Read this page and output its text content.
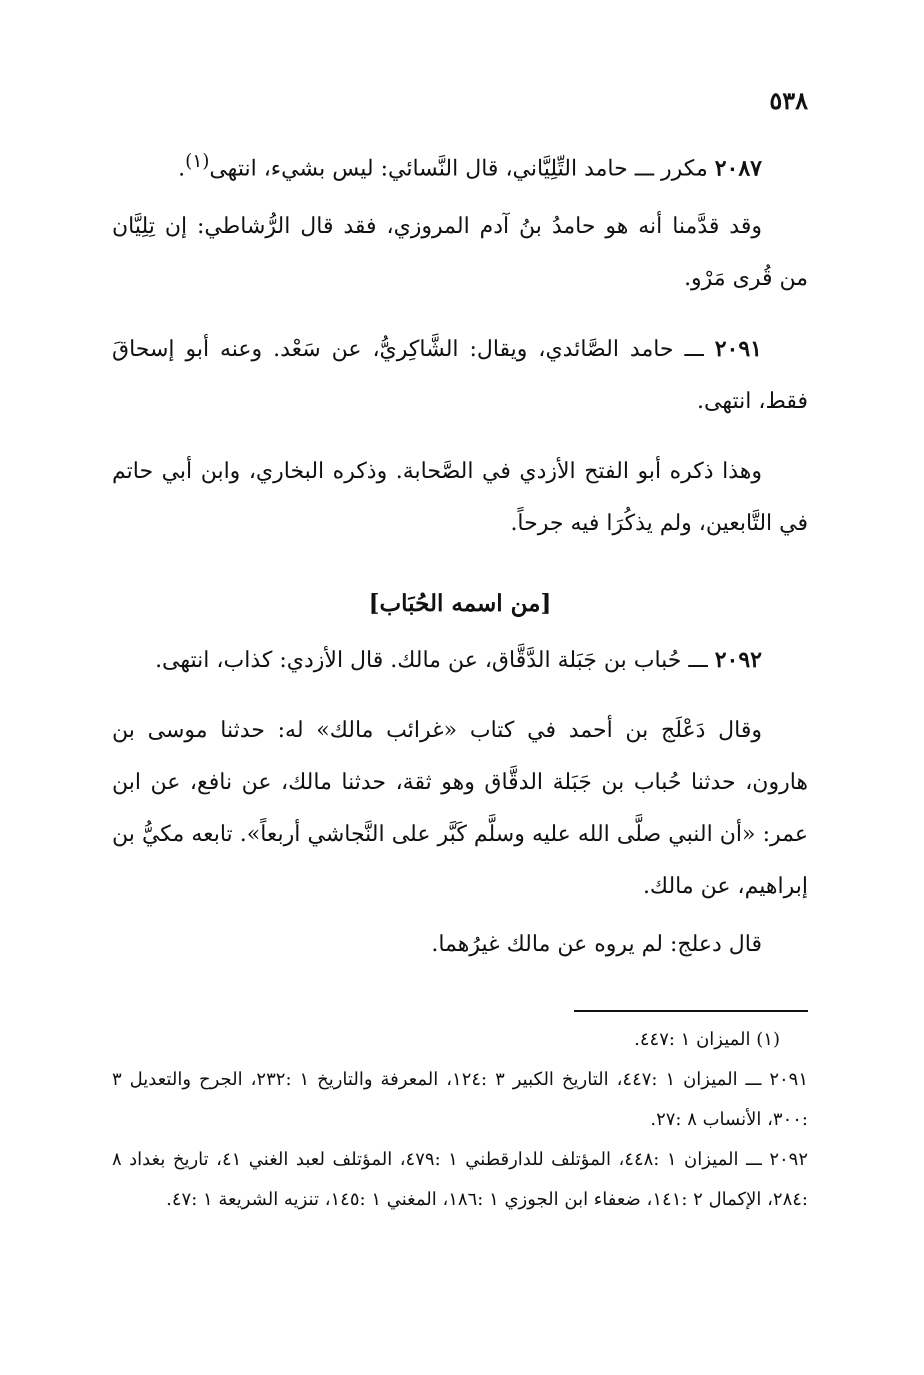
٥٣٨

٢٠٨٧ مكرر ـــ حامد التِّلِيَّاني، قال النَّسائي: ليس بشيء، انتهى$^{(١)}$.

وقد قدَّمنا أنه هو حامدُ بنُ آدم المروزي، فقد قال الرُّشاطي: إن تِلِيَّان من قُرى مَرْو.

٢٠٩١ ـــ حامد الصَّائدي، ويقال: الشَّاكِريُّ، عن سَعْد. وعنه أبو إسحاقَ فقط، انتهى.

وهذا ذكره أبو الفتح الأزدي في الصَّحابة. وذكره البخاري، وابن أبي حاتم في التَّابعين، ولم يذكُرَا فيه جرحاً.

[من اسمه الحُبَاب]

٢٠٩٢ ـــ حُباب بن جَبَلة الدَّقَّاق، عن مالك. قال الأزدي: كذاب، انتهى.

وقال دَعْلَج بن أحمد في كتاب «غرائب مالك» له: حدثنا موسى بن هارون، حدثنا حُباب بن جَبَلة الدقَّاق وهو ثقة، حدثنا مالك، عن نافع، عن ابن عمر: «أن النبي صلَّى الله عليه وسلَّم كَبَّر على النَّجاشي أربعاً». تابعه مكيُّ بن إبراهيم، عن مالك.

قال دعلج: لم يروه عن مالك غيرُهما.

(١) الميزان ١ :٤٤٧.

٢٠٩١ ـــ الميزان ١ :٤٤٧، التاريخ الكبير ٣ :١٢٤، المعرفة والتاريخ ١ :٢٣٢، الجرح والتعديل ٣ :٣٠٠، الأنساب ٨ :٢٧.

٢٠٩٢ ـــ الميزان ١ :٤٤٨، المؤتلف للدارقطني ١ :٤٧٩، المؤتلف لعبد الغني ٤١، تاريخ بغداد ٨ :٢٨٤، الإكمال ٢ :١٤١، ضعفاء ابن الجوزي ١ :١٨٦، المغني ١ :١٤٥، تنزيه الشريعة ١ :٤٧.
